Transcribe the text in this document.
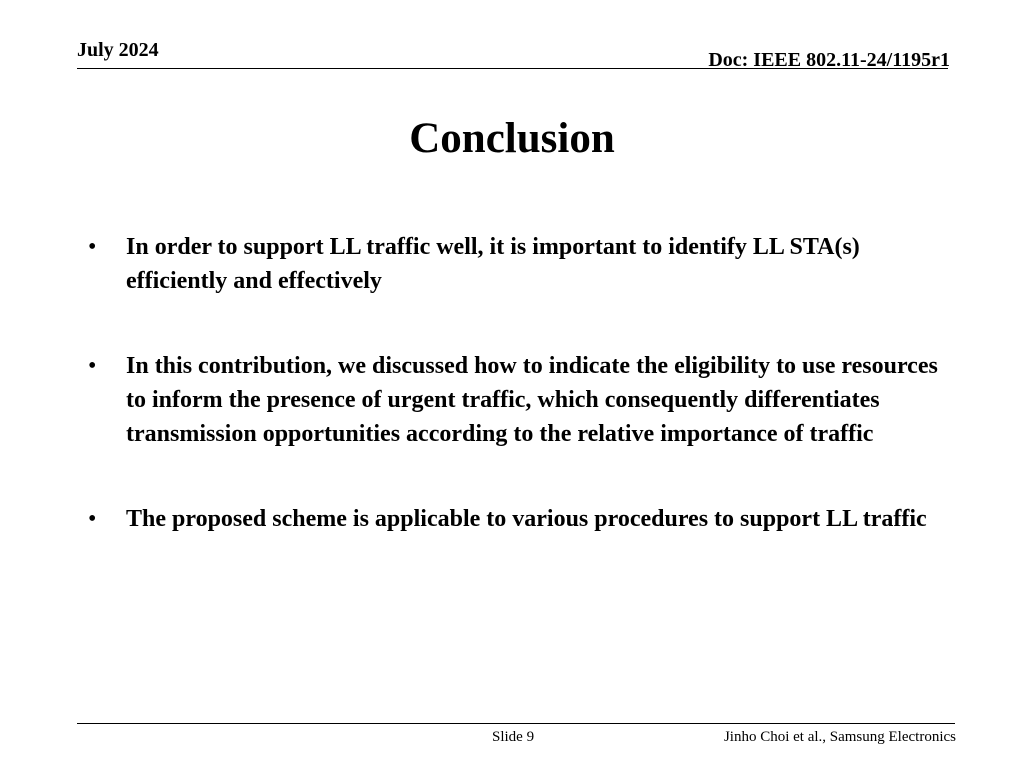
July 2024	Doc: IEEE 802.11-24/1195r1
Conclusion
• In order to support LL traffic well, it is important to identify LL STA(s) efficiently and effectively
• In this contribution, we discussed how to indicate the eligibility to use resources to inform the presence of urgent traffic, which consequently differentiates transmission opportunities according to the relative importance of traffic
• The proposed scheme is applicable to various procedures to support LL traffic
Slide 9	Jinho Choi et al., Samsung Electronics
